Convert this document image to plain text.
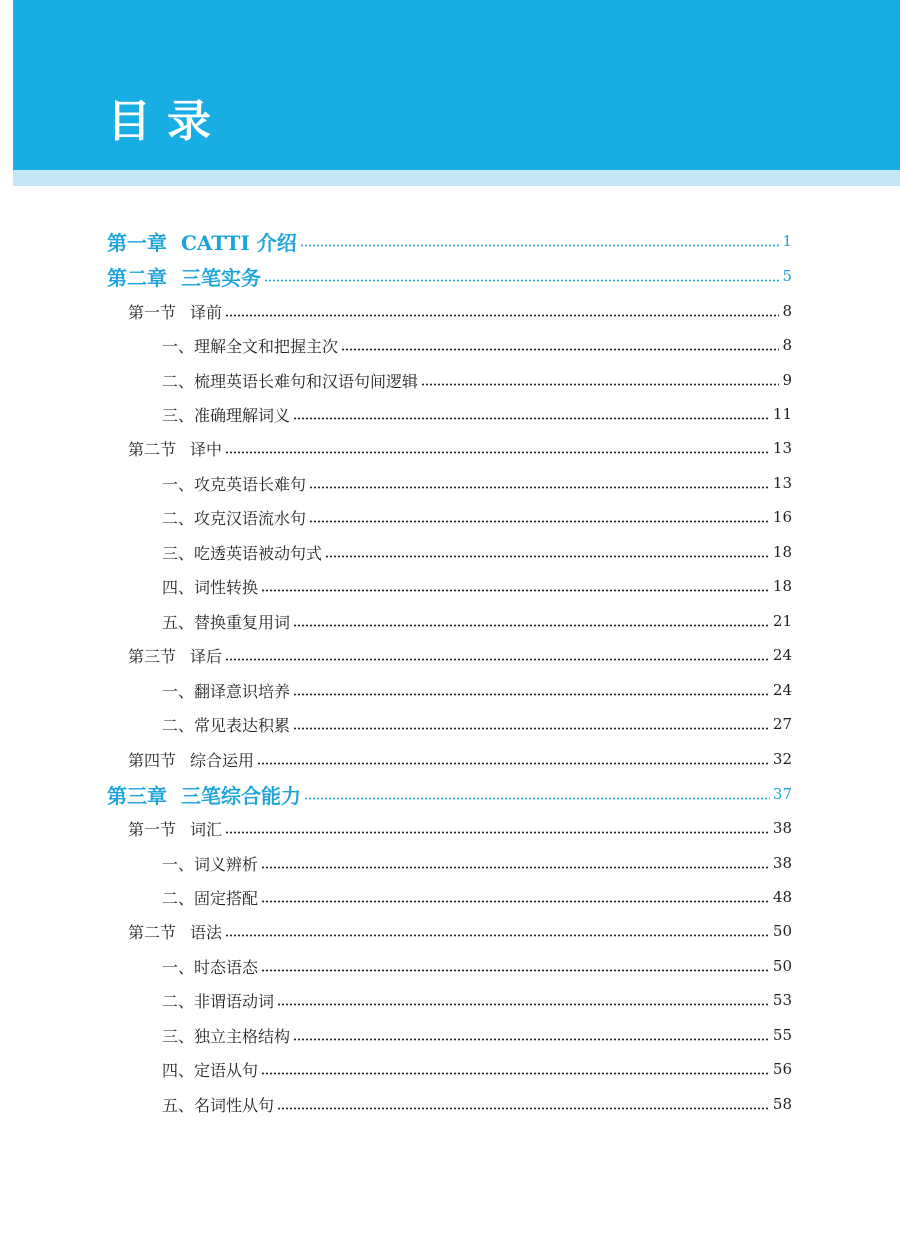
目录
第一章 CATTI 介绍	1
第二章 三笔实务	5
第一节 译前	8
一、理解全文和把握主次	8
二、梳理英语长难句和汉语句间逻辑	9
三、准确理解词义	11
第二节 译中	13
一、攻克英语长难句	13
二、攻克汉语流水句	16
三、吃透英语被动句式	18
四、词性转换	18
五、替换重复用词	21
第三节 译后	24
一、翻译意识培养	24
二、常见表达积累	27
第四节 综合运用	32
第三章 三笔综合能力	37
第一节 词汇	38
一、词义辨析	38
二、固定搭配	48
第二节 语法	50
一、时态语态	50
二、非谓语动词	53
三、独立主格结构	55
四、定语从句	56
五、名词性从句	58
